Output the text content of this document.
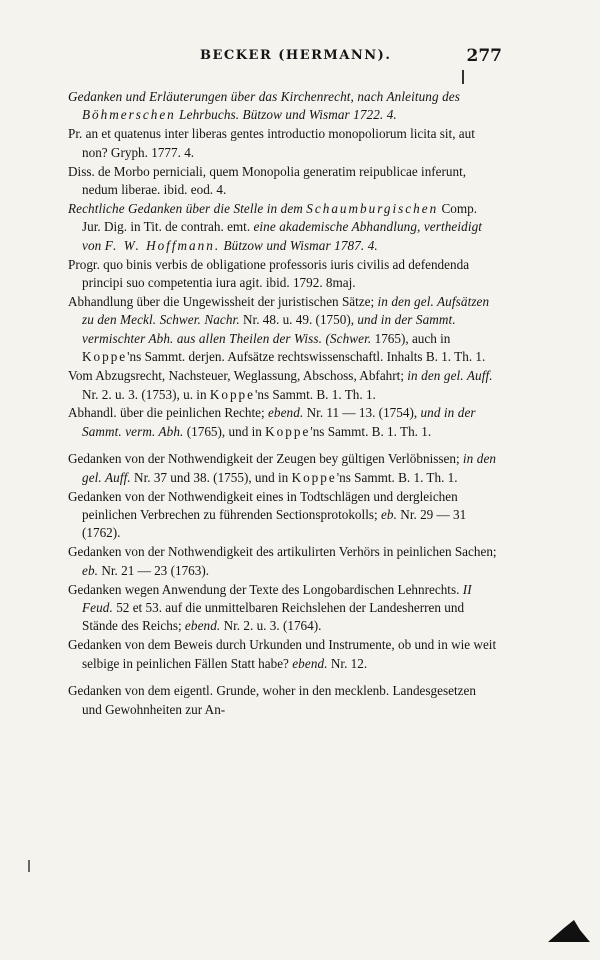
BECKER (HERMANN).	277
Gedanken und Erläuterungen über das Kirchenrecht, nach Anleitung des Böhmerschen Lehrbuchs. Bützow und Wismar 1722. 4.
Pr. an et quatenus inter liberas gentes introductio monopoliorum licita sit, aut non? Gryph. 1777. 4.
Diss. de Morbo perniciali, quem Monopolia generatim reipublicae inferunt, nedum liberae. ibid. eod. 4.
Rechtliche Gedanken über die Stelle in dem Schaumburgischen Comp. Jur. Dig. in Tit. de contrah. emt. eine akademische Abhandlung, vertheidigt von F. W. Hoffmann. Bützow und Wismar 1787. 4.
Progr. quo binis verbis de obligatione professoris iuris civilis ad defendenda principi suo competentia iura agit. ibid. 1792. 8maj.
Abhandlung über die Ungewissheit der juristischen Sätze; in den gel. Aufsätzen zu den Meckl. Schwer. Nachr. Nr. 48. u. 49. (1750), und in der Sammt. vermischter Abh. aus allen Theilen der Wiss. (Schwer. 1765), auch in Koppe'ns Sammt. derjen. Aufsätze rechtswissenschaftl. Inhalts B. 1. Th. 1.
Vom Abzugsrecht, Nachsteuer, Weglassung, Abschoss, Abfahrt; in den gel. Auff. Nr. 2. u. 3. (1753), u. in Koppe'ns Sammt. B. 1. Th. 1.
Abhandl. über die peinlichen Rechte; ebend. Nr. 11 — 13. (1754), und in der Sammt. verm. Abh. (1765), und in Koppe'ns Sammt. B. 1. Th. 1.
Gedanken von der Nothwendigkeit der Zeugen bey gültigen Verlöbnissen; in den gel. Auff. Nr. 37 und 38. (1755), und in Koppe'ns Sammt. B. 1. Th. 1.
Gedanken von der Nothwendigkeit eines in Todtschlägen und dergleichen peinlichen Verbrechen zu führenden Sectionsprotokolls; eb. Nr. 29 — 31 (1762).
Gedanken von der Nothwendigkeit des artikulirten Verhörs in peinlichen Sachen; eb. Nr. 21 — 23 (1763).
Gedanken wegen Anwendung der Texte des Longobardischen Lehnrechts. II Feud. 52 et 53. auf die unmittelbaren Reichslehen der Landesherren und Stände des Reichs; ebend. Nr. 2. u. 3. (1764).
Gedanken von dem Beweis durch Urkunden und Instrumente, ob und in wie weit selbige in peinlichen Fällen Statt habe? ebend. Nr. 12.
Gedanken von dem eigentl. Grunde, woher in den mecklenb. Landesgesetzen und Gewohnheiten zur An-
